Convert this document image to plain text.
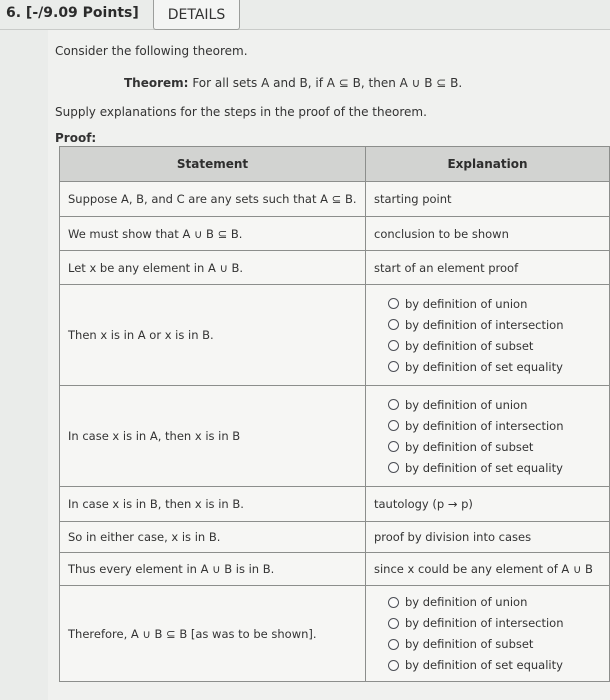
6. [-/9.09 Points]	DETAILS
Consider the following theorem.
Theorem: For all sets A and B, if A ⊆ B, then A ∪ B ⊆ B.
Supply explanations for the steps in the proof of the theorem.
Proof:
Statement	Explanation
Suppose A, B, and C are any sets such that A ⊆ B.	starting point
We must show that A ∪ B ⊆ B.	conclusion to be shown
Let x be any element in A ∪ B.	start of an element proof
Then x is in A or x is in B.	by definition of union
by definition of intersection
by definition of subset
by definition of set equality

In case x is in A, then x is in B	by definition of union
by definition of intersection
by definition of subset
by definition of set equality

In case x is in B, then x is in B.	tautology (p → p)
So in either case, x is in B.	proof by division into cases
Thus every element in A ∪ B is in B.	since x could be any element of A ∪ B
Therefore, A ∪ B ⊆ B [as was to be shown].	by definition of union
by definition of intersection
by definition of subset
by definition of set equality
